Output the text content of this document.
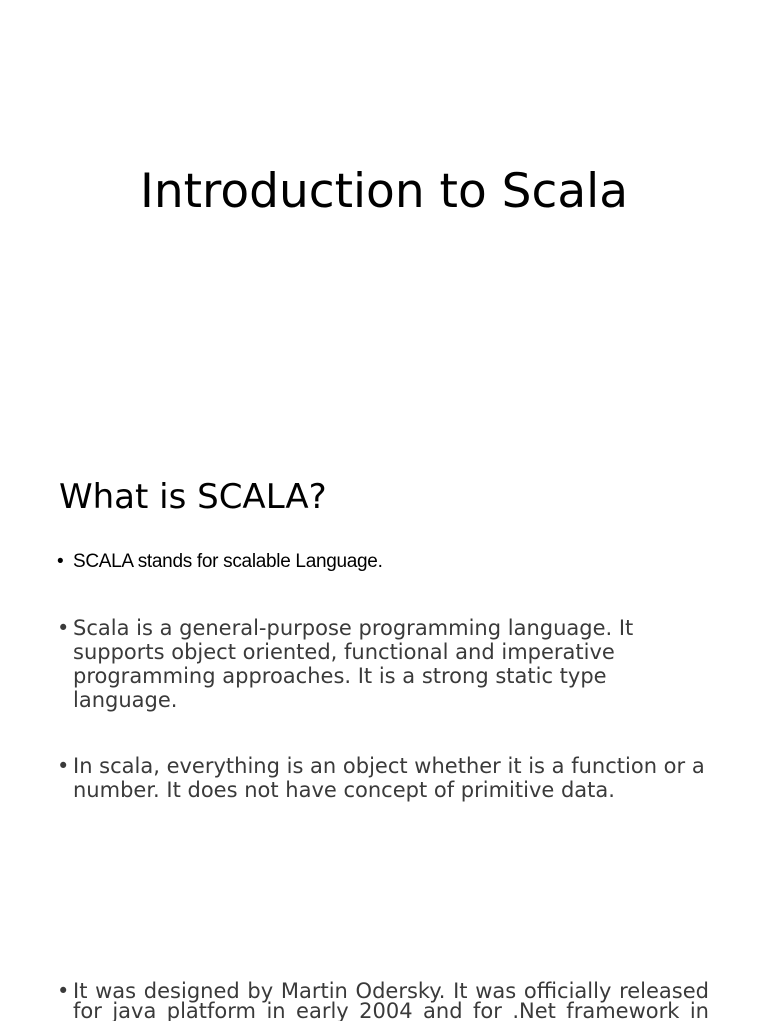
Introduction to Scala
What is SCALA?
• SCALA stands for scalable Language.
• Scala is a general-purpose programming language. It supports object oriented, functional and imperative programming approaches. It is a strong static type language.
• In scala, everything is an object whether it is a function or a number. It does not have concept of primitive data.
• It was designed by Martin Odersky. It was officially released for java platform in early 2004 and for .Net framework in
